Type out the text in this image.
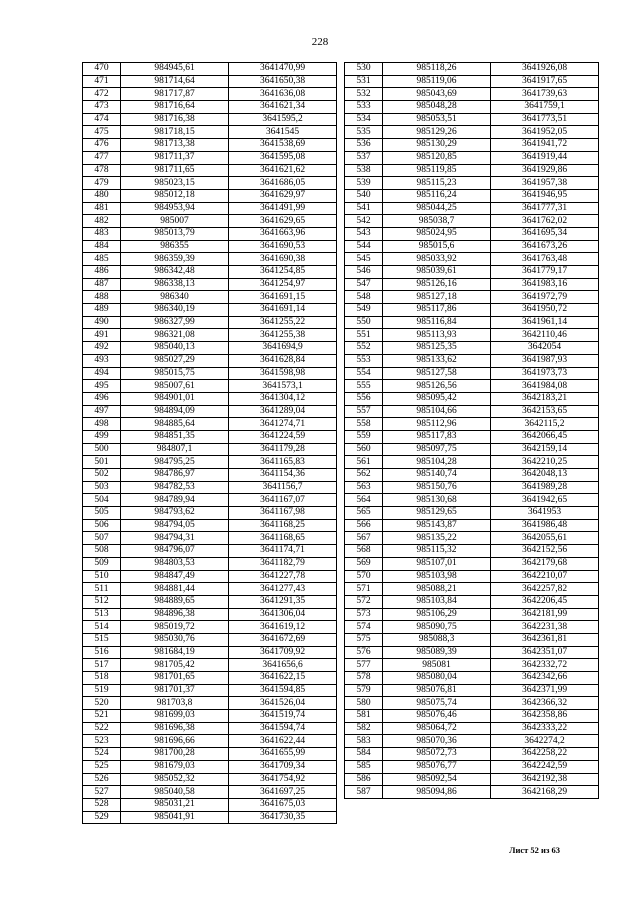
228
470	984945,61	3641470,99
471	981714,64	3641650,38
472	981717,87	3641636,08
473	981716,64	3641621,34
474	981716,38	3641595,2
475	981718,15	3641545
476	981713,38	3641538,69
477	981711,37	3641595,08
478	981711,65	3641621,62
479	985023,15	3641686,05
480	985012,18	3641629,97
481	984953,94	3641491,99
482	985007	3641629,65
483	985013,79	3641663,96
484	986355	3641690,53
485	986359,39	3641690,38
486	986342,48	3641254,85
487	986338,13	3641254,97
488	986340	3641691,15
489	986340,19	3641691,14
490	986327,99	3641255,22
491	986321,08	3641255,38
492	985040,13	3641694,9
493	985027,29	3641628,84
494	985015,75	3641598,98
495	985007,61	3641573,1
496	984901,01	3641304,12
497	984894,09	3641289,04
498	984885,64	3641274,71
499	984851,35	3641224,59
500	984807,1	3641179,28
501	984795,25	3641165,83
502	984786,97	3641154,36
503	984782,53	3641156,7
504	984789,94	3641167,07
505	984793,62	3641167,98
506	984794,05	3641168,25
507	984794,31	3641168,65
508	984796,07	3641174,71
509	984803,53	3641182,79
510	984847,49	3641227,78
511	984881,44	3641277,43
512	984889,65	3641291,35
513	984896,38	3641306,04
514	985019,72	3641619,12
515	985030,76	3641672,69
516	981684,19	3641709,92
517	981705,42	3641656,6
518	981701,65	3641622,15
519	981701,37	3641594,85
520	981703,8	3641526,04
521	981699,03	3641519,74
522	981696,38	3641594,74
523	981696,66	3641622,44
524	981700,28	3641655,99
525	981679,03	3641709,34
526	985052,32	3641754,92
527	985040,58	3641697,25
528	985031,21	3641675,03
529	985041,91	3641730,35
530	985118,26	3641926,08
531	985119,06	3641917,65
532	985043,69	3641739,63
533	985048,28	3641759,1
534	985053,51	3641773,51
535	985129,26	3641952,05
536	985130,29	3641941,72
537	985120,85	3641919,44
538	985119,85	3641929,86
539	985115,23	3641957,38
540	985116,24	3641946,95
541	985044,25	3641777,31
542	985038,7	3641762,02
543	985024,95	3641695,34
544	985015,6	3641673,26
545	985033,92	3641763,48
546	985039,61	3641779,17
547	985126,16	3641983,16
548	985127,18	3641972,79
549	985117,86	3641950,72
550	985116,84	3641961,14
551	985113,93	3642110,46
552	985125,35	3642054
553	985133,62	3641987,93
554	985127,58	3641973,73
555	985126,56	3641984,08
556	985095,42	3642183,21
557	985104,66	3642153,65
558	985112,96	3642115,2
559	985117,83	3642066,45
560	985097,75	3642159,14
561	985104,28	3642210,25
562	985140,74	3642048,13
563	985150,76	3641989,28
564	985130,68	3641942,65
565	985129,65	3641953
566	985143,87	3641986,48
567	985135,22	3642055,61
568	985115,32	3642152,56
569	985107,01	3642179,68
570	985103,98	3642210,07
571	985088,21	3642257,82
572	985103,84	3642206,45
573	985106,29	3642181,99
574	985090,75	3642231,38
575	985088,3	3642361,81
576	985089,39	3642351,07
577	985081	3642332,72
578	985080,04	3642342,66
579	985076,81	3642371,99
580	985075,74	3642366,32
581	985076,46	3642358,86
582	985064,72	3642333,22
583	985070,36	3642274,2
584	985072,73	3642258,22
585	985076,77	3642242,59
586	985092,54	3642192,38
587	985094,86	3642168,29
Лист 52 из 63
